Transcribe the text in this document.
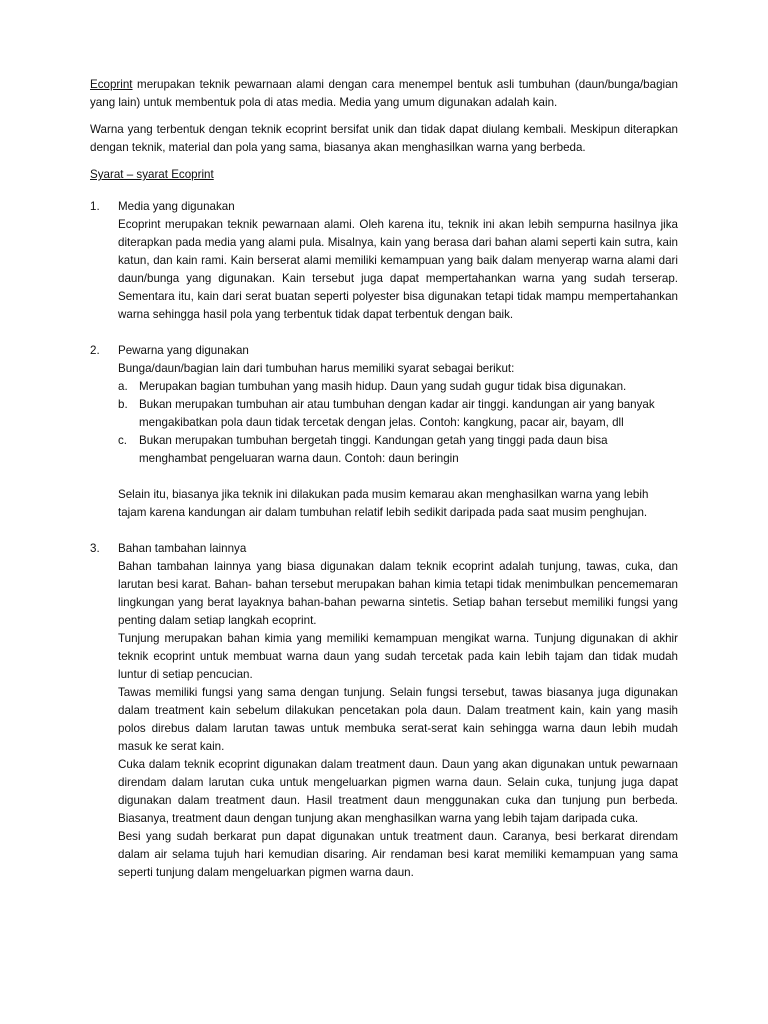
Ecoprint merupakan teknik pewarnaan alami dengan cara menempel bentuk asli tumbuhan (daun/bunga/bagian yang lain) untuk membentuk pola di atas media. Media yang umum digunakan adalah kain.

Warna yang terbentuk dengan teknik ecoprint bersifat unik dan tidak dapat diulang kembali. Meskipun diterapkan dengan teknik, material dan pola yang sama, biasanya akan menghasilkan warna yang berbeda.

Syarat – syarat Ecoprint

1.	Media yang digunakan

Ecoprint merupakan teknik pewarnaan alami. Oleh karena itu, teknik ini akan lebih sempurna hasilnya jika diterapkan pada media yang alami pula. Misalnya, kain yang berasa dari bahan alami seperti kain sutra, kain katun, dan kain rami. Kain berserat alami memiliki kemampuan yang baik dalam menyerap warna alami dari daun/bunga yang digunakan. Kain tersebut juga dapat mempertahankan warna yang sudah terserap. Sementara itu, kain dari serat buatan seperti polyester bisa digunakan tetapi tidak mampu mempertahankan warna sehingga hasil pola yang terbentuk tidak dapat terbentuk dengan baik.

2.	Pewarna yang digunakan

Bunga/daun/bagian lain dari tumbuhan harus memiliki syarat sebagai berikut:

a. Merupakan bagian tumbuhan yang masih hidup. Daun yang sudah gugur tidak bisa digunakan.

b. Bukan merupakan tumbuhan air atau tumbuhan dengan kadar air tinggi. kandungan air yang banyak mengakibatkan pola daun tidak tercetak dengan jelas. Contoh: kangkung, pacar air, bayam, dll

c.	Bukan merupakan tumbuhan bergetah tinggi. Kandungan getah yang tinggi pada daun bisa menghambat pengeluaran warna daun. Contoh: daun beringin

Selain itu, biasanya jika teknik ini dilakukan pada musim kemarau akan menghasilkan warna yang lebih tajam karena kandungan air dalam tumbuhan relatif lebih sedikit daripada pada saat musim penghujan.

3.	Bahan tambahan lainnya

Bahan tambahan lainnya yang biasa digunakan dalam teknik ecoprint adalah tunjung, tawas, cuka, dan larutan besi karat. Bahan- bahan tersebut merupakan bahan kimia tetapi tidak menimbulkan pencememaran lingkungan yang berat layaknya bahan-bahan pewarna sintetis. Setiap bahan tersebut memiliki fungsi yang penting dalam setiap langkah ecoprint.

Tunjung merupakan bahan kimia yang memiliki kemampuan mengikat warna. Tunjung digunakan di akhir teknik ecoprint untuk membuat warna daun yang sudah tercetak pada kain lebih tajam dan tidak mudah luntur di setiap pencucian.

Tawas memiliki fungsi yang sama dengan tunjung. Selain fungsi tersebut, tawas biasanya juga digunakan dalam treatment kain sebelum dilakukan pencetakan pola daun. Dalam treatment kain, kain yang masih polos direbus dalam larutan tawas untuk membuka serat-serat kain sehingga warna daun lebih mudah masuk ke serat kain.

Cuka dalam teknik ecoprint digunakan dalam treatment daun. Daun yang akan digunakan untuk pewarnaan direndam dalam larutan cuka untuk mengeluarkan pigmen warna daun. Selain cuka, tunjung juga dapat digunakan dalam treatment daun. Hasil treatment daun menggunakan cuka dan tunjung pun berbeda. Biasanya, treatment daun dengan tunjung akan menghasilkan warna yang lebih tajam daripada cuka.

Besi yang sudah berkarat pun dapat digunakan untuk treatment daun. Caranya, besi berkarat direndam dalam air selama tujuh hari kemudian disaring. Air rendaman besi karat memiliki kemampuan yang sama seperti tunjung dalam mengeluarkan pigmen warna daun.
